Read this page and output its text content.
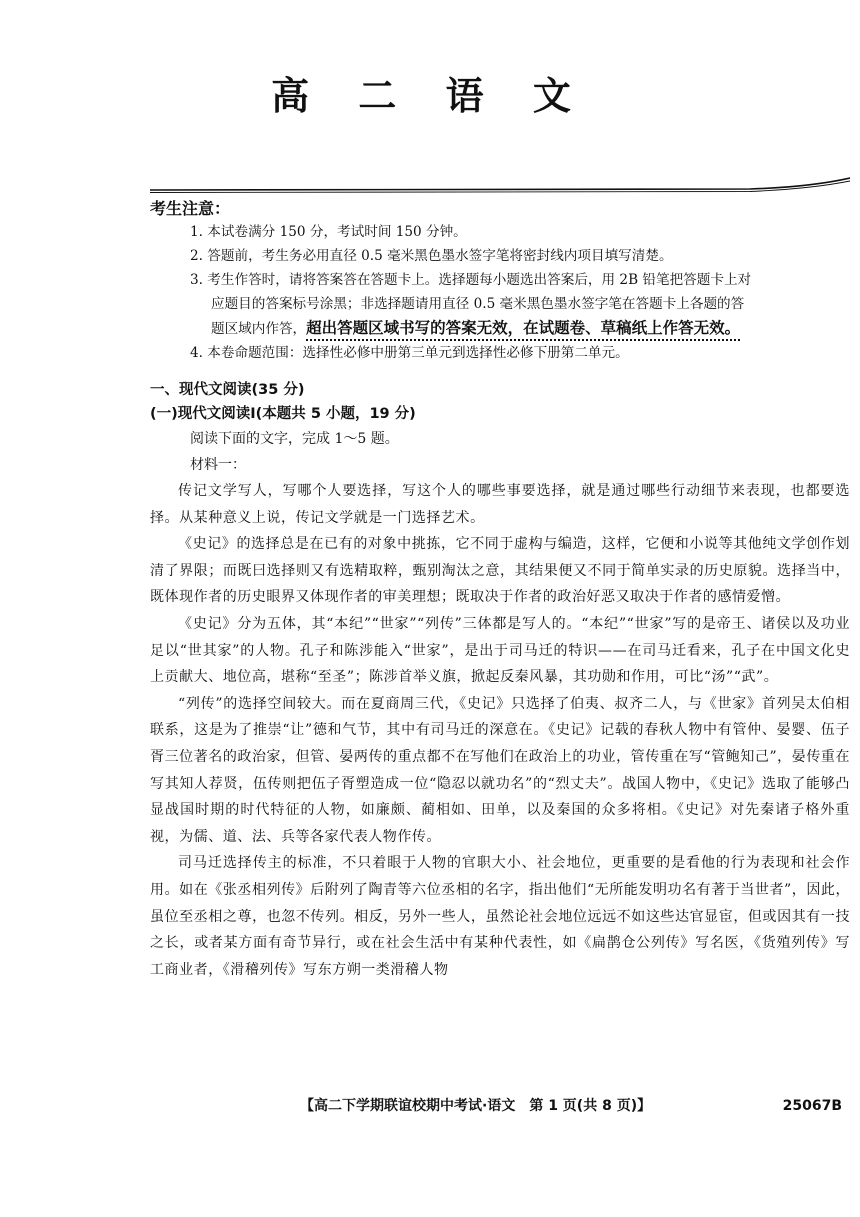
高 二 语 文
考生注意：
1. 本试卷满分 150 分，考试时间 150 分钟。
2. 答题前，考生务必用直径 0.5 毫米黑色墨水签字笔将密封线内项目填写清楚。
3. 考生作答时，请将答案答在答题卡上。选择题每小题选出答案后，用 2B 铅笔把答题卡上对
应题目的答案标号涂黑；非选择题请用直径 0.5 毫米黑色墨水签字笔在答题卡上各题的答
题区域内作答，超出答题区域书写的答案无效，在试题卷、草稿纸上作答无效。
4. 本卷命题范围：选择性必修中册第三单元到选择性必修下册第二单元。
一、现代文阅读(35 分)
(一)现代文阅读Ⅰ(本题共 5 小题，19 分)
阅读下面的文字，完成 1～5 题。
材料一：

传记文学写人，写哪个人要选择，写这个人的哪些事要选择，就是通过哪些行动细节来表现，也都要选择。从某种意义上说，传记文学就是一门选择艺术。

《史记》的选择总是在已有的对象中挑拣，它不同于虚构与编造，这样，它便和小说等其他纯文学创作划清了界限；而既曰选择则又有选精取粹，甄别淘汰之意，其结果便又不同于简单实录的历史原貌。选择当中，既体现作者的历史眼界又体现作者的审美理想；既取决于作者的政治好恶又取决于作者的感情爱憎。

《史记》分为五体，其“本纪”“世家”“列传”三体都是写人的。“本纪”“世家”写的是帝王、诸侯以及功业足以“世其家”的人物。孔子和陈涉能入“世家”，是出于司马迁的特识——在司马迁看来，孔子在中国文化史上贡献大、地位高，堪称“至圣”；陈涉首举义旗，掀起反秦风暴，其功勋和作用，可比“汤”“武”。

“列传”的选择空间较大。而在夏商周三代，《史记》只选择了伯夷、叔齐二人，与《世家》首列吴太伯相联系，这是为了推崇“让”德和气节，其中有司马迁的深意在。《史记》记载的春秋人物中有管仲、晏婴、伍子胥三位著名的政治家，但管、晏两传的重点都不在写他们在政治上的功业，管传重在写“管鲍知己”，晏传重在写其知人荐贤，伍传则把伍子胥塑造成一位“隐忍以就功名”的“烈丈夫”。战国人物中，《史记》选取了能够凸显战国时期的时代特征的人物，如廉颇、蔺相如、田单，以及秦国的众多将相。《史记》对先秦诸子格外重视，为儒、道、法、兵等各家代表人物作传。

司马迁选择传主的标准，不只着眼于人物的官职大小、社会地位，更重要的是看他的行为表现和社会作用。如在《张丞相列传》后附列了陶青等六位丞相的名字，指出他们“无所能发明功名有著于当世者”，因此，虽位至丞相之尊，也忽不传列。相反，另外一些人，虽然论社会地位远远不如这些达官显宦，但或因其有一技之长，或者某方面有奇节异行，或在社会生活中有某种代表性，如《扁鹊仓公列传》写名医，《货殖列传》写工商业者，《滑稽列传》写东方朔一类滑稽人物

【高二下学期联谊校期中考试·语文　第 1 页(共 8 页)】	25067B
